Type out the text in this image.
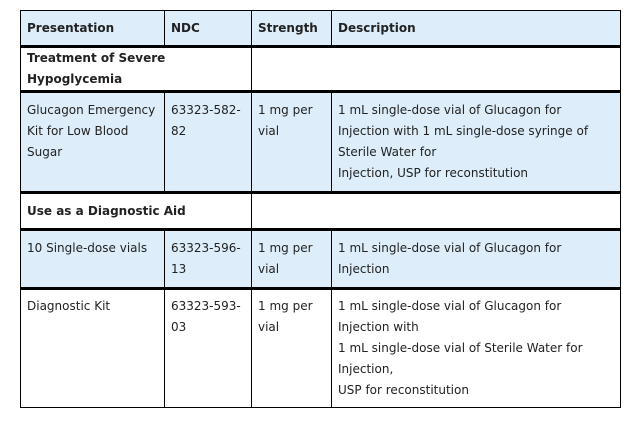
Presentation	NDC	Strength	Description
Treatment of Severe Hypoglycemia			
Glucagon Emergency Kit for Low Blood Sugar	63323-582-82	1 mg per vial	1 mL single-dose vial of Glucagon for Injection with 1 mL single-dose syringe of Sterile Water for
Injection, USP for reconstitution

Use as a Diagnostic Aid			
10 Single-dose vials	63323-596-13	1 mg per vial	1 mL single-dose vial of Glucagon for Injection
Diagnostic Kit	63323-593-03	1 mg per vial	1 mL single-dose vial of Glucagon for Injection with
1 mL single-dose vial of Sterile Water for Injection,
USP for reconstitution
